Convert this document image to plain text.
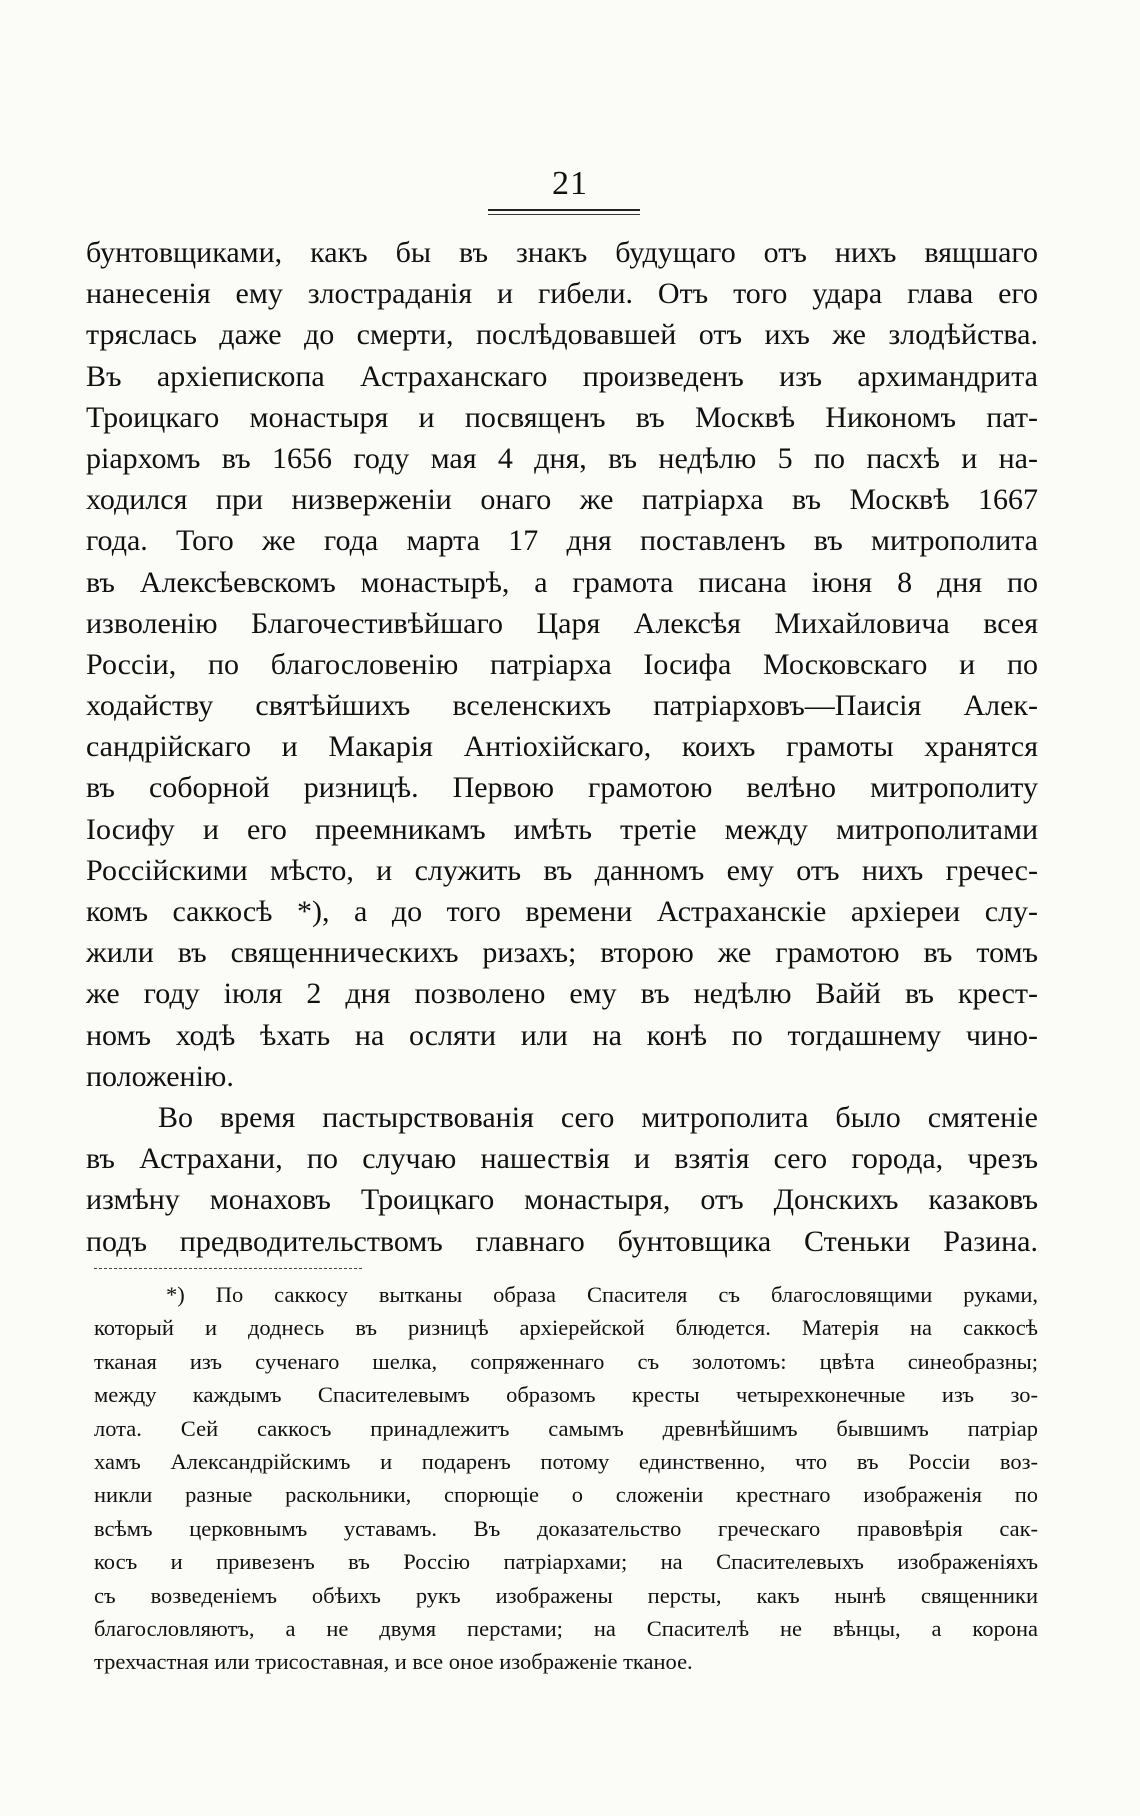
21
бунтовщиками, какъ бы въ знакъ будущаго отъ нихъ вящшаго
нанесенія ему злостраданія и гибели. Отъ того удара глава его
тряслась даже до смерти, послѣдовавшей отъ ихъ же злодѣйства.
Въ архіепископа Астраханскаго произведенъ изъ архимандрита
Троицкаго монастыря и посвященъ въ Москвѣ Никономъ пат-
ріархомъ въ 1656 году мая 4 дня, въ недѣлю 5 по пасхѣ и на-
ходился при низверженіи онаго же патріарха въ Москвѣ 1667
года. Того же года марта 17 дня поставленъ въ митрополита
въ Алексѣевскомъ монастырѣ, а грамота писана іюня 8 дня по
изволенію Благочестивѣйшаго Царя Алексѣя Михайловича всея
Россіи, по благословенію патріарха Іосифа Московскаго и по
ходайству святѣйшихъ вселенскихъ патріарховъ—Паисія Алек-
сандрійскаго и Макарія Антіохійскаго, коихъ грамоты хранятся
въ соборной ризницѣ. Первою грамотою велѣно митрополиту
Іосифу и его преемникамъ имѣть третіе между митрополитами
Россійскими мѣсто, и служить въ данномъ ему отъ нихъ гречес-
комъ саккосѣ *), а до того времени Астраханскіе архіереи слу-
жили въ священническихъ ризахъ; второю же грамотою въ томъ
же году іюля 2 дня позволено ему въ недѣлю Вайй въ крест-
номъ ходѣ ѣхать на осляти или на конѣ по тогдашнему чино-
положенію.
Во время пастырствованія сего митрополита было смятеніе
въ Астрахани, по случаю нашествія и взятія сего города, чрезъ
измѣну монаховъ Троицкаго монастыря, отъ Донскихъ казаковъ
подъ предводительствомъ главнаго бунтовщика Стеньки Разина.
*) По саккосу вытканы образа Спасителя съ благословящими руками,
который и доднесь въ ризницѣ архіерейской блюдется. Матерія на саккосѣ
тканая изъ сученаго шелка, сопряженнаго съ золотомъ: цвѣта синеобразны;
между каждымъ Спасителевымъ образомъ кресты четырехконечные изъ зо-
лота. Сей саккосъ принадлежитъ самымъ древнѣйшимъ бывшимъ патріар
хамъ Александрійскимъ и подаренъ потому единственно, что въ Россіи воз-
никли разные раскольники, спорющіе о сложеніи крестнаго изображенія по
всѣмъ церковнымъ уставамъ. Въ доказательство греческаго правовѣрія сак-
косъ и привезенъ въ Россію патріархами; на Спасителевыхъ изображеніяхъ
съ возведеніемъ обѣихъ рукъ изображены персты, какъ нынѣ священники
благословляютъ, а не двумя перстами; на Спасителѣ не вѣнцы, а корона
трехчастная или трисоставная, и все оное изображеніе тканое.
